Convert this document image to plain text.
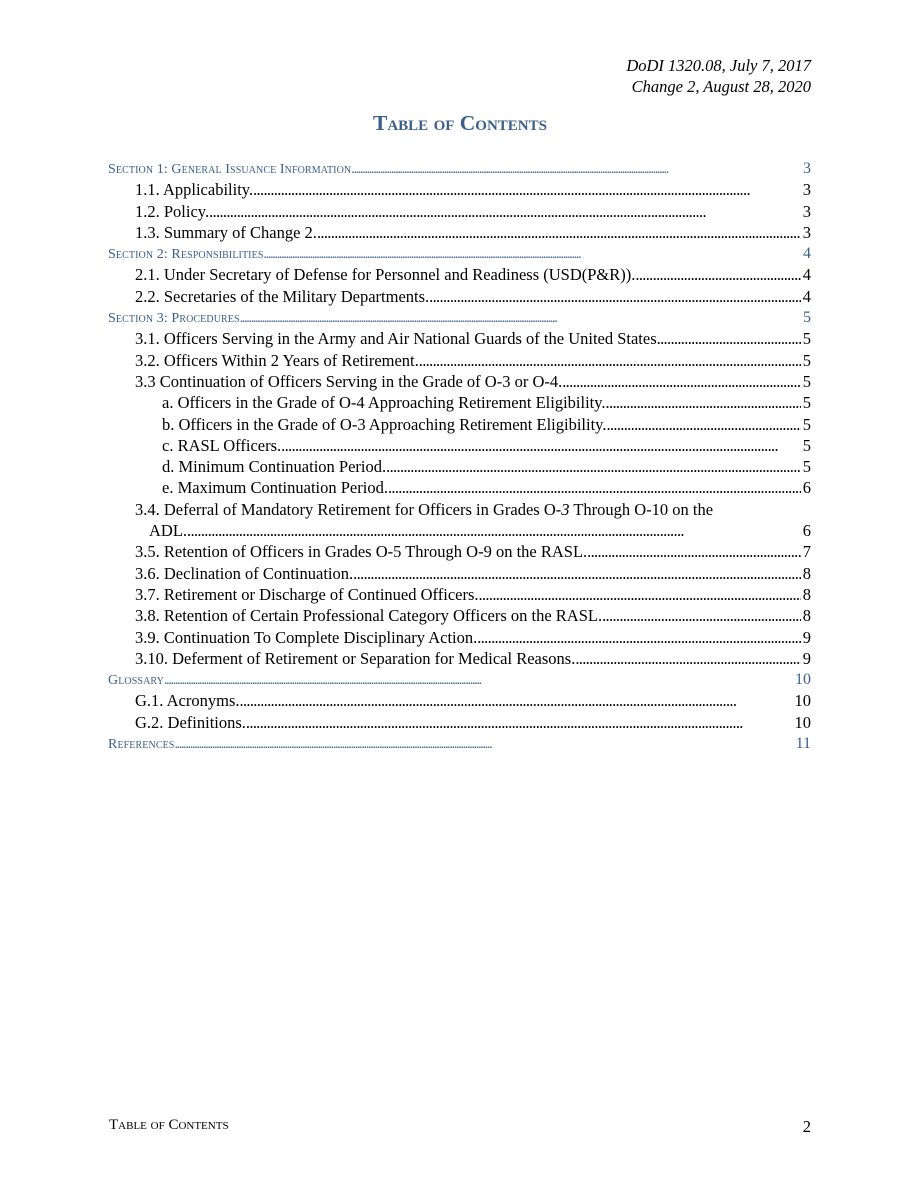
DoDI 1320.08, July 7, 2017
Change 2, August 28, 2020
Table of Contents
Section 1: General Issuance Information . . .	3
1.1. Applicability. . . .	3
1.2. Policy. . . .	3
1.3. Summary of Change 2. . . .	3
Section 2: Responsibilities . . .	4
2.1. Under Secretary of Defense for Personnel and Readiness (USD(P&R)). . . .	4
2.2. Secretaries of the Military Departments. . . .	4
Section 3: Procedures . . .	5
3.1. Officers Serving in the Army and Air National Guards of the United States . . .	5
3.2. Officers Within 2 Years of Retirement. . . .	5
3.3 Continuation of Officers Serving in the Grade of O-3 or O-4. . . .	5
a. Officers in the Grade of O-4 Approaching Retirement Eligibility. . . .	5
b. Officers in the Grade of O-3 Approaching Retirement Eligibility. . . .	5
c. RASL Officers. . . .	5
d. Minimum Continuation Period. . . .	5
e. Maximum Continuation Period. . . .	6
3.4. Deferral of Mandatory Retirement for Officers in Grades O-3 Through O-10 on the
ADL. . . .	6
3.5. Retention of Officers in Grades O-5 Through O-9 on the RASL. . . .	7
3.6. Declination of Continuation. . . .	8
3.7. Retirement or Discharge of Continued Officers. . . .	8
3.8. Retention of Certain Professional Category Officers on the RASL. . . .	8
3.9. Continuation To Complete Disciplinary Action. . . .	9
3.10. Deferment of Retirement or Separation for Medical Reasons. . . .	9
Glossary . . .	10
G.1. Acronyms. . . .	10
G.2. Definitions. . . .	10
References . . .	11
Table of Contents	2
